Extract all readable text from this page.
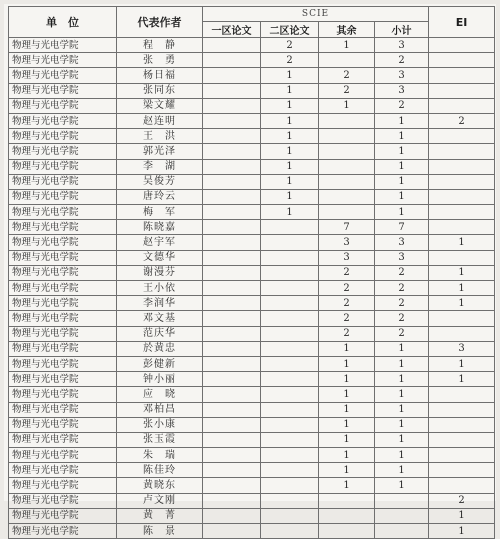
单　位	代表作者	SCIE				EI
		一区论文	二区论文	其余	小计	
物理与光电学院	程　静		2	1	3	
物理与光电学院	张　勇		2		2	
物理与光电学院	杨日福		1	2	3	
物理与光电学院	张同东		1	2	3	
物理与光电学院	梁文耀		1	1	2	
物理与光电学院	赵连明		1		1	2
物理与光电学院	王　洪		1		1	
物理与光电学院	郭光泽		1		1	
物理与光电学院	李　湖		1		1	
物理与光电学院	吴俊芳		1		1	
物理与光电学院	唐玲云		1		1	
物理与光电学院	梅　军		1		1	
物理与光电学院	陈晓嘉			7	7	
物理与光电学院	赵宇军			3	3	1
物理与光电学院	文德华			3	3	
物理与光电学院	谢漫芬			2	2	1
物理与光电学院	王小依			2	2	1
物理与光电学院	李润华			2	2	1
物理与光电学院	邓文基			2	2	
物理与光电学院	范庆华			2	2	
物理与光电学院	於黄忠			1	1	3
物理与光电学院	彭健新			1	1	1
物理与光电学院	钟小丽			1	1	1
物理与光电学院	应　晓			1	1	
物理与光电学院	邓柏昌			1	1	
物理与光电学院	张小康			1	1	
物理与光电学院	张玉霞			1	1	
物理与光电学院	朱　瑞			1	1	
物理与光电学院	陈佳玲			1	1	
物理与光电学院	黄晓东			1	1	
物理与光电学院	卢文刚					2
物理与光电学院	黄　菁					1
物理与光电学院	陈　景					1
